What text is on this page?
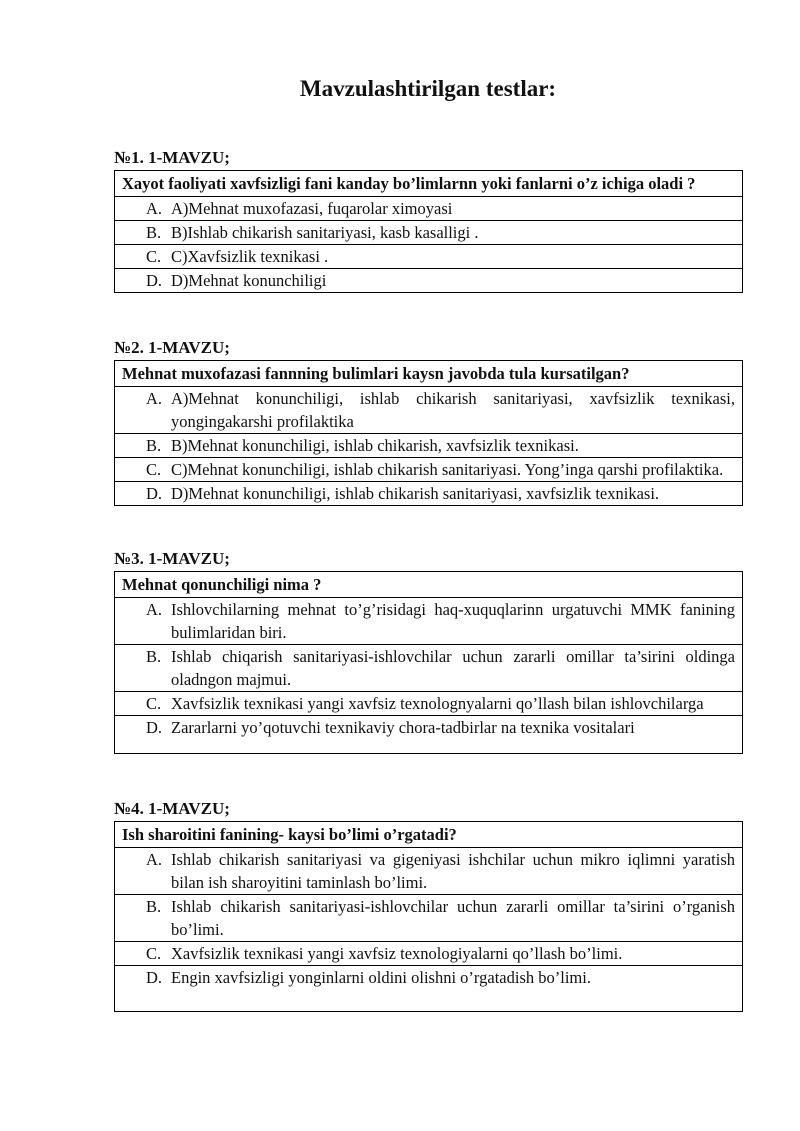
Mavzulashtirilgan testlar:
№1. 1-MAVZU;
Xayot faoliyati xavfsizligi fani kanday bo’limlarnn yoki fanlarni o’z ichiga oladi ?
A. A)Mehnat muxofazasi, fuqarolar ximoyasi
B. B)Ishlab chikarish sanitariyasi, kasb kasalligi .
C. C)Xavfsizlik texnikasi .
D. D)Mehnat konunchiligi
№2. 1-MAVZU;
Mehnat muxofazasi fannning bulimlari kaysn javobda tula kursatilgan?
A. A)Mehnat konunchiligi, ishlab chikarish sanitariyasi, xavfsizlik texnikasi, yongingakarshi profilaktika
B. B)Mehnat konunchiligi, ishlab chikarish, xavfsizlik texnikasi.
C. C)Mehnat konunchiligi, ishlab chikarish sanitariyasi. Yong’inga qarshi profilaktika.
D. D)Mehnat konunchiligi, ishlab chikarish sanitariyasi, xavfsizlik texnikasi.
№3. 1-MAVZU;
Mehnat qonunchiligi nima ?
A. Ishlovchilarning mehnat to’g’risidagi haq-xuquqlarinn urgatuvchi MMK fanining bulimlaridan biri.
B. Ishlab chiqarish sanitariyasi-ishlovchilar uchun zararli omillar ta’sirini oldinga oladngon majmui.
C. Xavfsizlik texnikasi yangi xavfsiz texnolognyalarni qo’llash bilan ishlovchilarga
D. Zararlarni yo’qotuvchi texnikaviy chora-tadbirlar na texnika vositalari
№4. 1-MAVZU;
Ish sharoitini fanining- kaysi bo’limi o’rgatadi?
A. Ishlab chikarish sanitariyasi va gigeniyasi ishchilar uchun mikro iqlimni yaratish bilan ish sharoyitini taminlash bo’limi.
B. Ishlab chikarish sanitariyasi-ishlovchilar uchun zararli omillar ta’sirini o’rganish bo’limi.
C. Xavfsizlik texnikasi yangi xavfsiz texnologiyalarni qo’llash bo’limi.
D. Engin xavfsizligi yonginlarni oldini olishni o’rgatadish bo’limi.
